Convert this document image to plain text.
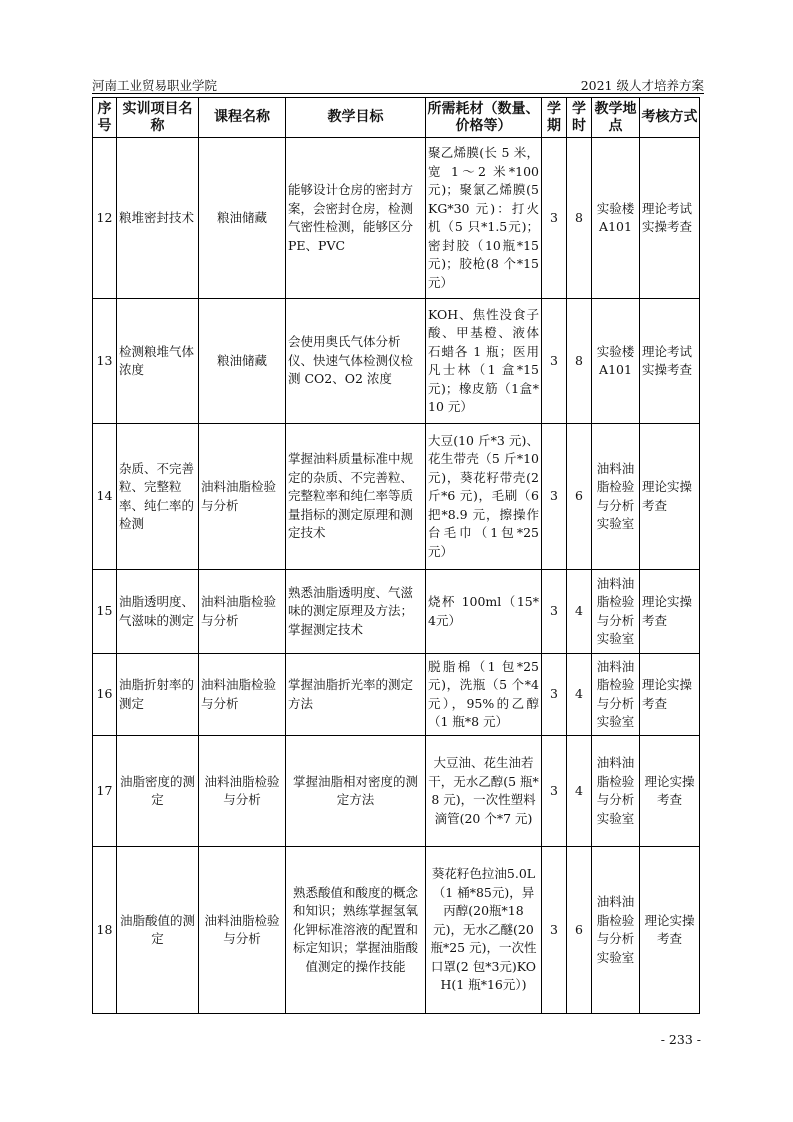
河南工业贸易职业学院	2021 级人才培养方案
序号	实训项目名称	课程名称	教学目标	所需耗材（数量、价格等）	学期	学时	教学地点	考核方式
12	粮堆密封技术	粮油储藏	能够设计仓房的密封方案，会密封仓房，检测气密性检测，能够区分 PE、PVC	聚乙烯膜(长 5 米，宽 1～2 米*100元)；聚氯乙烯膜(5KG*30 元)：打火机（5 只*1.5元)；密封胶（10瓶*15 元)；胶枪(8 个*15 元）	3	8	实验楼A101	理论考试实操考查
13	检测粮堆气体浓度	粮油储藏	会使用奥氏气体分析仪、快速气体检测仪检测 CO2、O2 浓度	KOH、焦性没食子酸、甲基橙、液体石蜡各 1 瓶；医用凡士林（1 盒*15元)；橡皮筋（1盒*10 元）	3	8	实验楼A101	理论考试实操考查
14	杂质、不完善粒、完整粒率、纯仁率的检测	油料油脂检验与分析	掌握油料质量标准中规定的杂质、不完善粒、完整粒率和纯仁率等质量指标的测定原理和测定技术	大豆(10 斤*3 元)、花生带壳（5 斤*10元)，葵花籽带壳(2 斤*6 元)，毛刷（6 把*8.9 元，擦操作台毛巾（1包*25 元）	3	6	油料油脂检验与分析实验室	理论实操考查
15	油脂透明度、气滋味的测定	油料油脂检验与分析	熟悉油脂透明度、气滋味的测定原理及方法；掌握测定技术	烧杯 100ml（15*4元）	3	4	油料油脂检验与分析实验室	理论实操考查
16	油脂折射率的测定	油料油脂检验与分析	掌握油脂折光率的测定方法	脱脂棉（1 包*25元)，洗瓶（5 个*4 元），95%的乙醇（1 瓶*8 元）	3	4	油料油脂检验与分析实验室	理论实操考查
17	油脂密度的测定	油料油脂检验与分析	掌握油脂相对密度的测定方法	大豆油、花生油若干，无水乙醇(5 瓶*8 元)，一次性塑料滴管(20 个*7 元)	3	4	油料油脂检验与分析实验室	理论实操考查
18	油脂酸值的测定	油料油脂检验与分析	熟悉酸值和酸度的概念和知识；熟练掌握氢氧化钾标准溶液的配置和标定知识；掌握油脂酸值测定的操作技能	葵花籽色拉油5.0L（1 桶*85元)，异丙醇(20瓶*18 元)，无水乙醚(20 瓶*25 元)，一次性口罩(2 包*3元)KOH(1 瓶*16元）)	3	6	油料油脂检验与分析实验室	理论实操考查
- 233 -
